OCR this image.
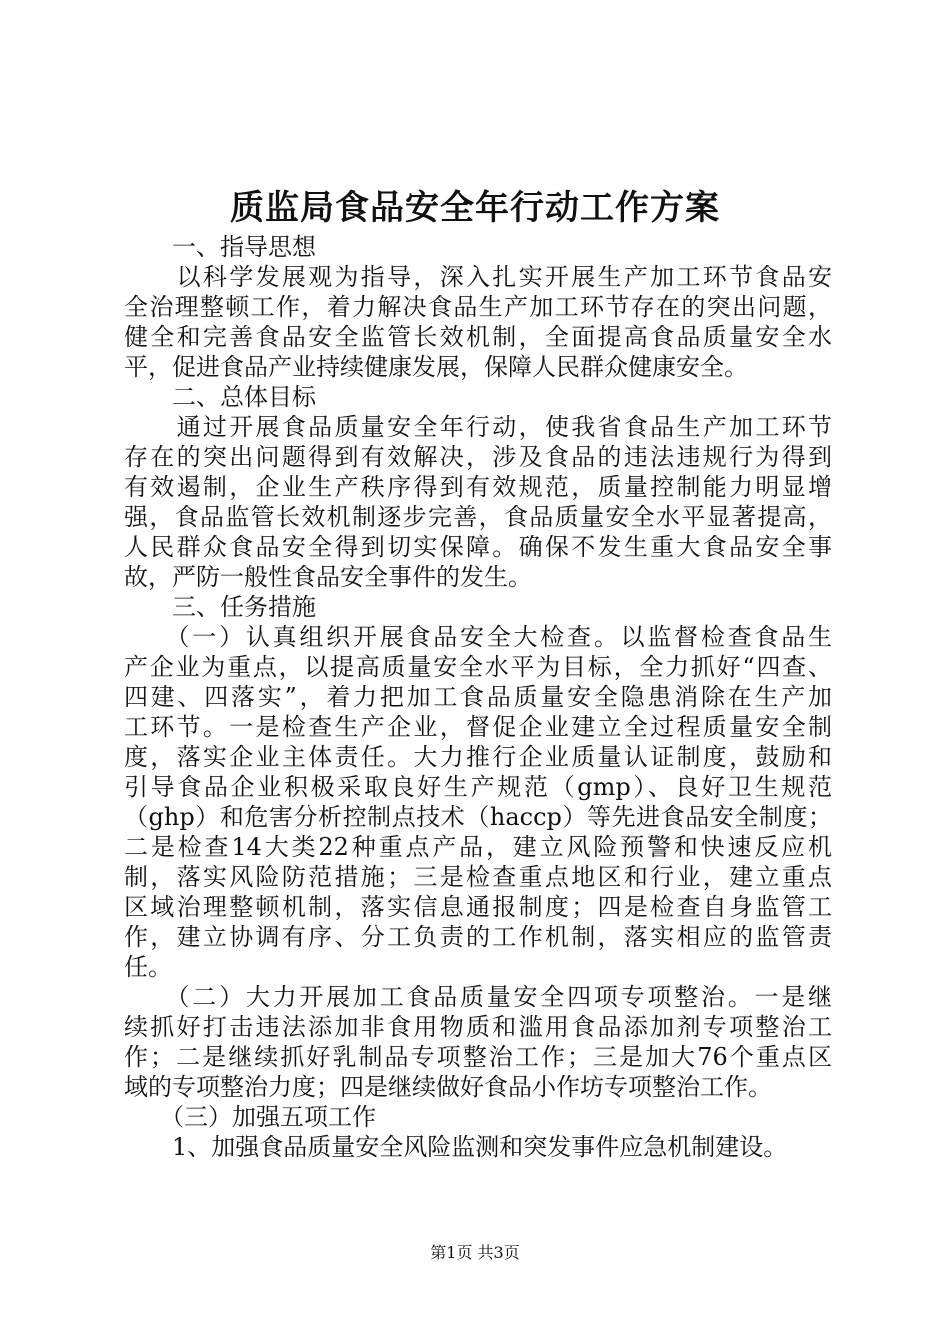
质监局食品安全年行动工作方案
　　一、指导思想
　　以科学发展观为指导，深入扎实开展生产加工环节食品安
全治理整顿工作，着力解决食品生产加工环节存在的突出问题，
健全和完善食品安全监管长效机制，全面提高食品质量安全水
平，促进食品产业持续健康发展，保障人民群众健康安全。
　　二、总体目标
　　通过开展食品质量安全年行动，使我省食品生产加工环节
存在的突出问题得到有效解决，涉及食品的违法违规行为得到
有效遏制，企业生产秩序得到有效规范，质量控制能力明显增
强，食品监管长效机制逐步完善，食品质量安全水平显著提高，
人民群众食品安全得到切实保障。确保不发生重大食品安全事
故，严防一般性食品安全事件的发生。
　　三、任务措施
　　（一）认真组织开展食品安全大检查。以监督检查食品生
产企业为重点，以提高质量安全水平为目标，全力抓好“四查、
四建、四落实”，着力把加工食品质量安全隐患消除在生产加
工环节。一是检查生产企业，督促企业建立全过程质量安全制
度，落实企业主体责任。大力推行企业质量认证制度，鼓励和
引导食品企业积极采取良好生产规范（gmp）、良好卫生规范
（ghp）和危害分析控制点技术（haccp）等先进食品安全制度；
二是检查14大类22种重点产品，建立风险预警和快速反应机
制，落实风险防范措施；三是检查重点地区和行业，建立重点
区域治理整顿机制，落实信息通报制度；四是检查自身监管工
作，建立协调有序、分工负责的工作机制，落实相应的监管责
任。
　　（二）大力开展加工食品质量安全四项专项整治。一是继
续抓好打击违法添加非食用物质和滥用食品添加剂专项整治工
作；二是继续抓好乳制品专项整治工作；三是加大76个重点区
域的专项整治力度；四是继续做好食品小作坊专项整治工作。
　　（三）加强五项工作
　　1、加强食品质量安全风险监测和突发事件应急机制建设。
第1页 共3页
